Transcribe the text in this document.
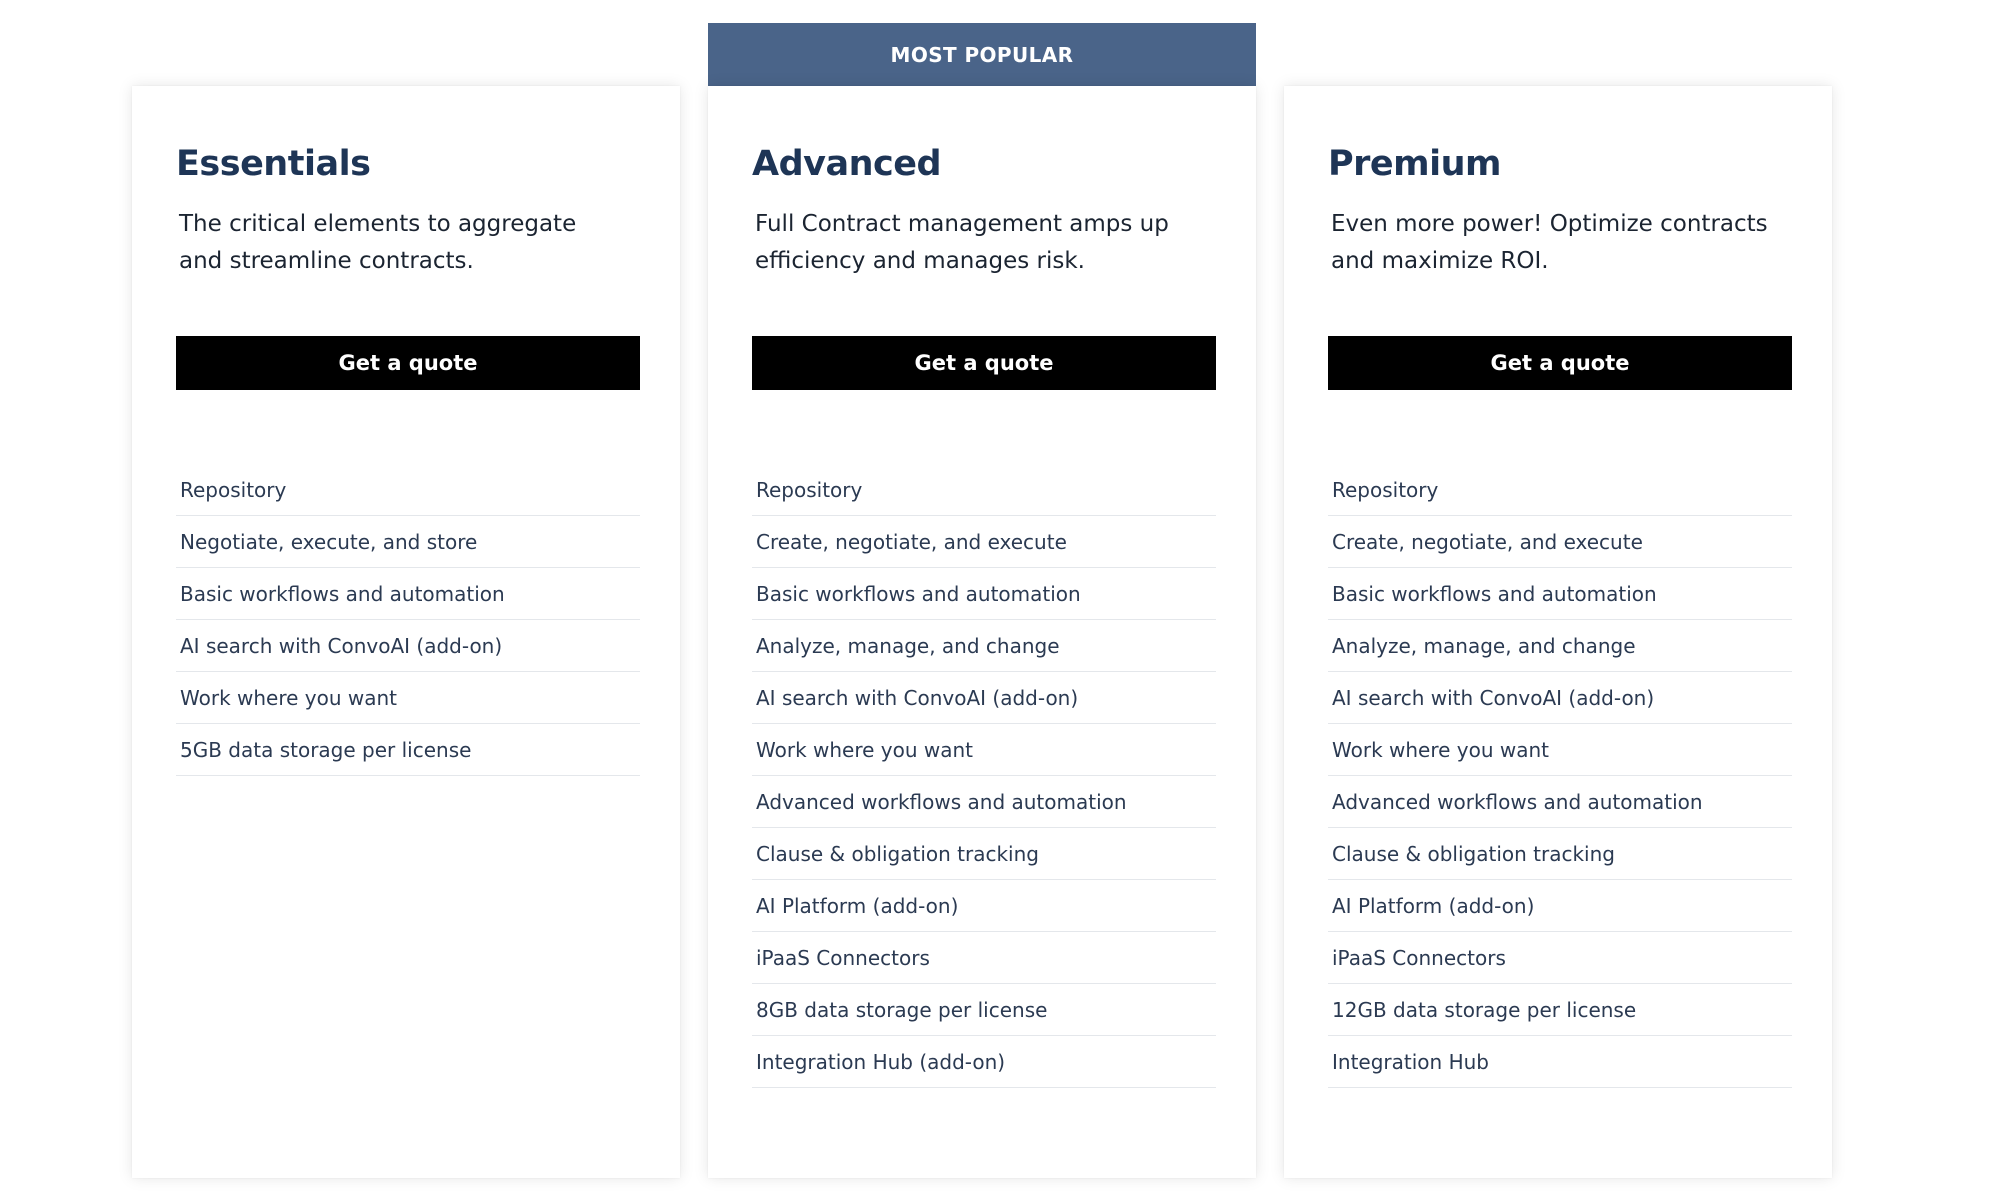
MOST POPULAR
Essentials

The critical elements to aggregate and streamline contracts.

Get a quote
Repository
Negotiate, execute, and store
Basic workflows and automation
AI search with ConvoAI (add-on)
Work where you want
5GB data storage per license
Advanced

Full Contract management amps up efficiency and manages risk.

Get a quote
Repository
Create, negotiate, and execute
Basic workflows and automation
Analyze, manage, and change
AI search with ConvoAI (add-on)
Work where you want
Advanced workflows and automation
Clause & obligation tracking
AI Platform (add-on)
iPaaS Connectors
8GB data storage per license
Integration Hub (add-on)
Premium

Even more power! Optimize contracts and maximize ROI.

Get a quote
Repository
Create, negotiate, and execute
Basic workflows and automation
Analyze, manage, and change
AI search with ConvoAI (add-on)
Work where you want
Advanced workflows and automation
Clause & obligation tracking
AI Platform (add-on)
iPaaS Connectors
12GB data storage per license
Integration Hub
